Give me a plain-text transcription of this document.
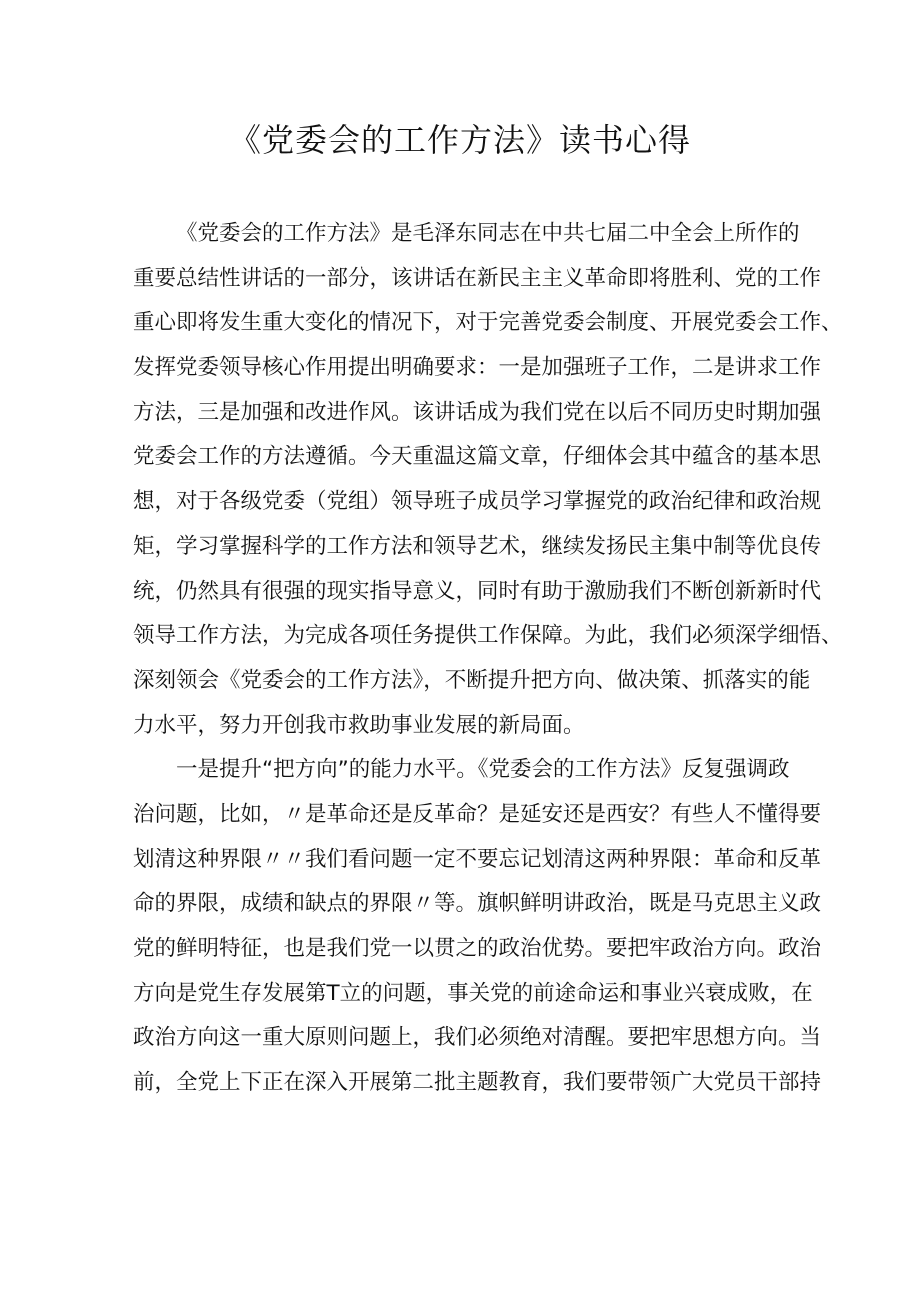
《党委会的工作方法》读书心得
《党委会的工作方法》是毛泽东同志在中共七届二中全会上所作的
重要总结性讲话的一部分，该讲话在新民主主义革命即将胜利、党的工作
重心即将发生重大变化的情况下，对于完善党委会制度、开展党委会工作、
发挥党委领导核心作用提出明确要求：一是加强班子工作，二是讲求工作
方法，三是加强和改进作风。该讲话成为我们党在以后不同历史时期加强
党委会工作的方法遵循。今天重温这篇文章，仔细体会其中蕴含的基本思
想，对于各级党委（党组）领导班子成员学习掌握党的政治纪律和政治规
矩，学习掌握科学的工作方法和领导艺术，继续发扬民主集中制等优良传
统，仍然具有很强的现实指导意义，同时有助于激励我们不断创新新时代
领导工作方法，为完成各项任务提供工作保障。为此，我们必须深学细悟、
深刻领会《党委会的工作方法》，不断提升把方向、做决策、抓落实的能
力水平，努力开创我市救助事业发展的新局面。
一是提升“把方向”的能力水平。《党委会的工作方法》反复强调政
治问题，比如，〃是革命还是反革命？是延安还是西安？有些人不懂得要
划清这种界限〃〃我们看问题一定不要忘记划清这两种界限：革命和反革
命的界限，成绩和缺点的界限〃等。旗帜鲜明讲政治，既是马克思主义政
党的鲜明特征，也是我们党一以贯之的政治优势。要把牢政治方向。政治
方向是党生存发展第T立的问题，事关党的前途命运和事业兴衰成败，在
政治方向这一重大原则问题上，我们必须绝对清醒。要把牢思想方向。当
前，全党上下正在深入开展第二批主题教育，我们要带领广大党员干部持
